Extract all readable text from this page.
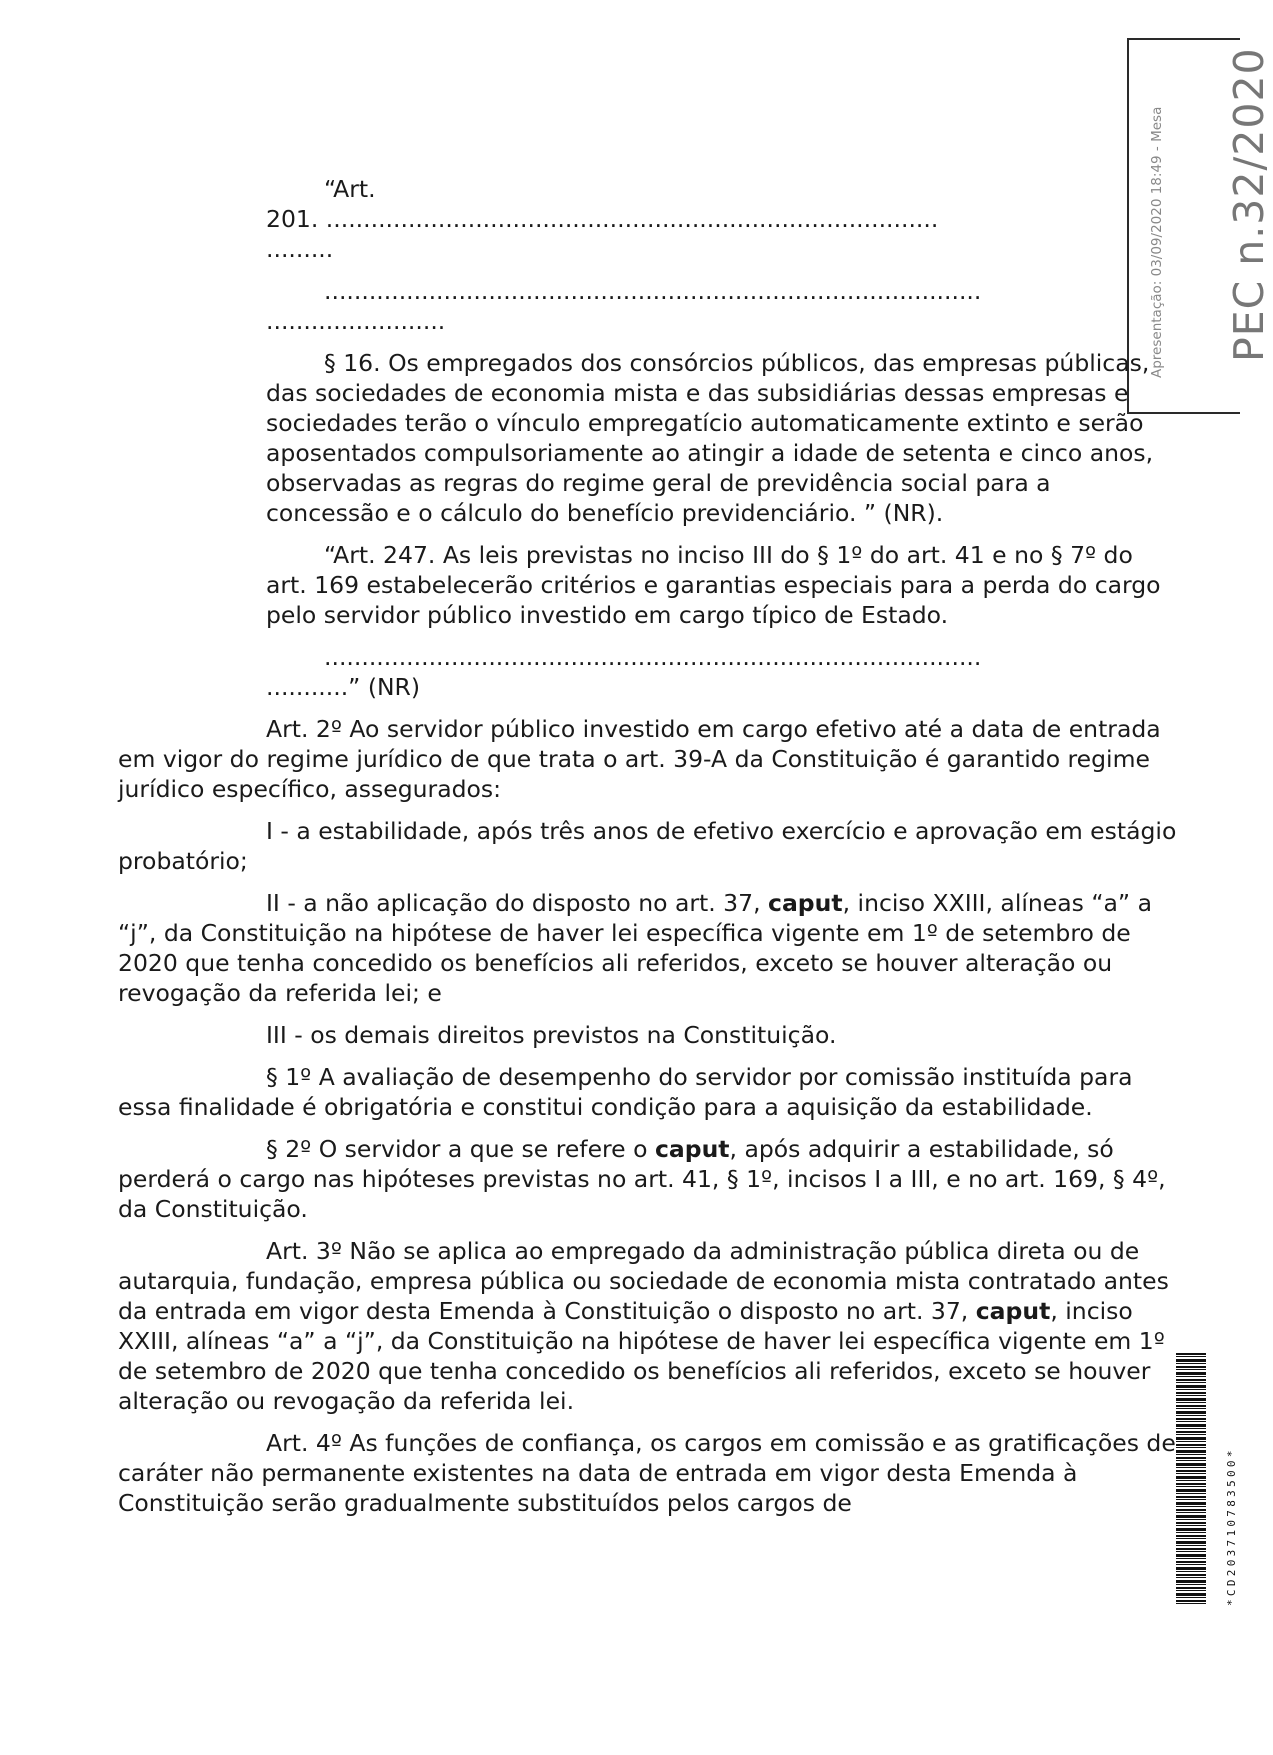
PEC n.32/2020
Apresentação: 03/09/2020 18:49 - Mesa
“Art.
201. ..................................................................................
.........
........................................................................................
........................

§ 16. Os empregados dos consórcios públicos, das empresas públicas, das sociedades de economia mista e das subsidiárias dessas empresas e sociedades terão o vínculo empregatício automaticamente extinto e serão aposentados compulsoriamente ao atingir a idade de setenta e cinco anos, observadas as regras do regime geral de previdência social para a concessão e o cálculo do benefício previdenciário. ” (NR).

“Art. 247. As leis previstas no inciso III do § 1º do art. 41 e no § 7º do art. 169 estabelecerão critérios e garantias especiais para a perda do cargo pelo servidor público investido em cargo típico de Estado.

........................................................................................
...........” (NR)

Art. 2º Ao servidor público investido em cargo efetivo até a data de entrada em vigor do regime jurídico de que trata o art. 39-A da Constituição é garantido regime jurídico específico, assegurados:

I - a estabilidade, após três anos de efetivo exercício e aprovação em estágio probatório;

II - a não aplicação do disposto no art. 37, caput, inciso XXIII, alíneas “a” a “j”, da Constituição na hipótese de haver lei específica vigente em 1º de setembro de 2020 que tenha concedido os benefícios ali referidos, exceto se houver alteração ou revogação da referida lei; e

III - os demais direitos previstos na Constituição.

§ 1º A avaliação de desempenho do servidor por comissão instituída para essa finalidade é obrigatória e constitui condição para a aquisição da estabilidade.

§ 2º O servidor a que se refere o caput, após adquirir a estabilidade, só perderá o cargo nas hipóteses previstas no art. 41, § 1º, incisos I a III, e no art. 169, § 4º, da Constituição.

Art. 3º Não se aplica ao empregado da administração pública direta ou de autarquia, fundação, empresa pública ou sociedade de economia mista contratado antes da entrada em vigor desta Emenda à Constituição o disposto no art. 37, caput, inciso XXIII, alíneas “a” a “j”, da Constituição na hipótese de haver lei específica vigente em 1º de setembro de 2020 que tenha concedido os benefícios ali referidos, exceto se houver alteração ou revogação da referida lei.

Art. 4º As funções de confiança, os cargos em comissão e as gratificações de caráter não permanente existentes na data de entrada em vigor desta Emenda à Constituição serão gradualmente substituídos pelos cargos de	*CD203710783500*
